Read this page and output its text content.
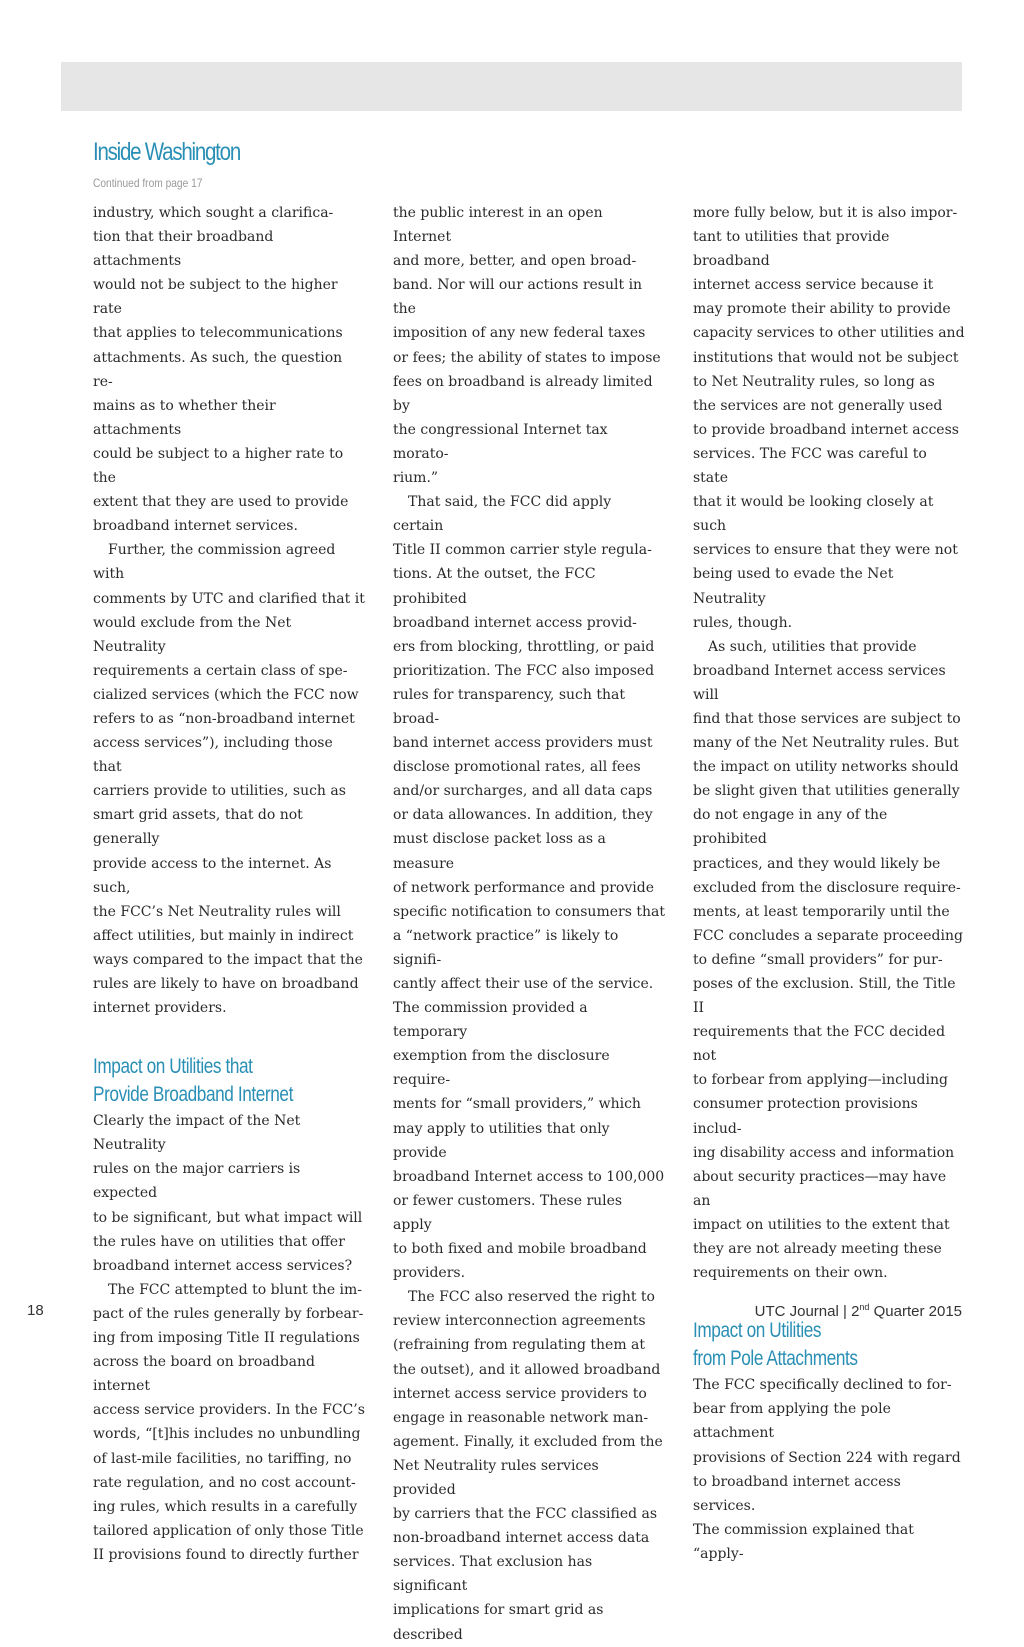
Inside Washington
Continued from page 17

industry, which sought a clarifica-
tion that their broadband attachments
would not be subject to the higher rate
that applies to telecommunications
attachments. As such, the question re-
mains as to whether their attachments
could be subject to a higher rate to the
extent that they are used to provide
broadband internet services.

Further, the commission agreed with
comments by UTC and clarified that it
would exclude from the Net Neutrality
requirements a certain class of spe-
cialized services (which the FCC now
refers to as “non-broadband internet
access services”), including those that
carriers provide to utilities, such as
smart grid assets, that do not generally
provide access to the internet. As such,
the FCC’s Net Neutrality rules will
affect utilities, but mainly in indirect
ways compared to the impact that the
rules are likely to have on broadband
internet providers.

Impact on Utilities that
Provide Broadband Internet

Clearly the impact of the Net Neutrality
rules on the major carriers is expected
to be significant, but what impact will
the rules have on utilities that offer
broadband internet access services?

The FCC attempted to blunt the im-
pact of the rules generally by forbear-
ing from imposing Title II regulations
across the board on broadband internet
access service providers. In the FCC’s
words, “[t]his includes no unbundling
of last-mile facilities, no tariffing, no
rate regulation, and no cost account-
ing rules, which results in a carefully
tailored application of only those Title
II provisions found to directly further

the public interest in an open Internet
and more, better, and open broad-
band. Nor will our actions result in the
imposition of any new federal taxes
or fees; the ability of states to impose
fees on broadband is already limited by
the congressional Internet tax morato-
rium.”

That said, the FCC did apply certain
Title II common carrier style regula-
tions. At the outset, the FCC prohibited
broadband internet access provid-
ers from blocking, throttling, or paid
prioritization. The FCC also imposed
rules for transparency, such that broad-
band internet access providers must
disclose promotional rates, all fees
and/or surcharges, and all data caps
or data allowances. In addition, they
must disclose packet loss as a measure
of network performance and provide
specific notification to consumers that
a “network practice” is likely to signifi-
cantly affect their use of the service.
The commission provided a temporary
exemption from the disclosure require-
ments for “small providers,” which
may apply to utilities that only provide
broadband Internet access to 100,000
or fewer customers. These rules apply
to both fixed and mobile broadband
providers.

The FCC also reserved the right to
review interconnection agreements
(refraining from regulating them at
the outset), and it allowed broadband
internet access service providers to
engage in reasonable network man-
agement. Finally, it excluded from the
Net Neutrality rules services provided
by carriers that the FCC classified as
non-broadband internet access data
services. That exclusion has significant
implications for smart grid as described

more fully below, but it is also impor-
tant to utilities that provide broadband
internet access service because it
may promote their ability to provide
capacity services to other utilities and
institutions that would not be subject
to Net Neutrality rules, so long as
the services are not generally used
to provide broadband internet access
services. The FCC was careful to state
that it would be looking closely at such
services to ensure that they were not
being used to evade the Net Neutrality
rules, though.

As such, utilities that provide
broadband Internet access services will
find that those services are subject to
many of the Net Neutrality rules. But
the impact on utility networks should
be slight given that utilities generally
do not engage in any of the prohibited
practices, and they would likely be
excluded from the disclosure require-
ments, at least temporarily until the
FCC concludes a separate proceeding
to define “small providers” for pur-
poses of the exclusion. Still, the Title II
requirements that the FCC decided not
to forbear from applying—including
consumer protection provisions includ-
ing disability access and information
about security practices—may have an
impact on utilities to the extent that
they are not already meeting these
requirements on their own.

Impact on Utilities
from Pole Attachments

The FCC specifically declined to for-
bear from applying the pole attachment
provisions of Section 224 with regard
to broadband internet access services.
The commission explained that “apply-

18	UTC Journal | 2nd Quarter 2015
